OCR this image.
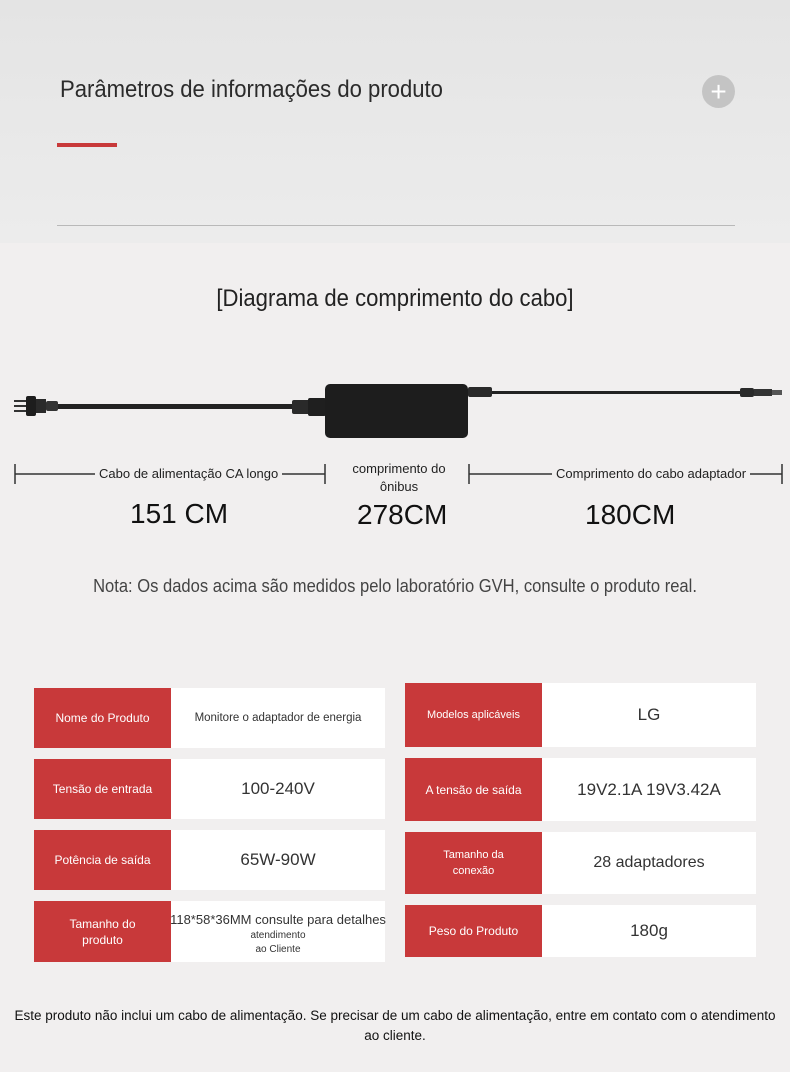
Parâmetros de informações do produto	+
[Diagrama de comprimento do cabo]
Cabo de alimentação CA longo	comprimento do
ônibus
Comprimento do cabo adaptador
151 CM	278CM	180CM
Nota: Os dados acima são medidos pelo laboratório GVH, consulte o produto real.
Nome do Produto	Monitore o adaptador de energia
Tensão de entrada	100-240V
Potência de saída	65W-90W
Tamanho do
produto
118*58*36MM consulte para detalhes
atendimento
ao Cliente
Modelos aplicáveis	LG
A tensão de saída	19V2.1A 19V3.42A
Tamanho da
conexão	28 adaptadores
Peso do Produto	180g
Este produto não inclui um cabo de alimentação. Se precisar de um cabo de alimentação, entre em contato com o atendimento ao cliente.
